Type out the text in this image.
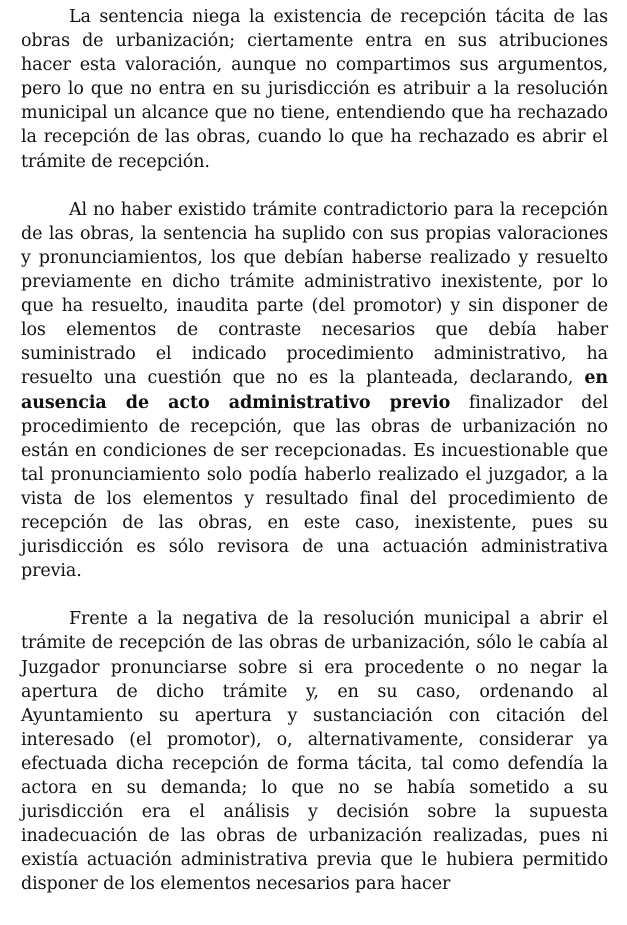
La sentencia niega la existencia de recepción tácita de las obras de urbanización; ciertamente entra en sus atribuciones hacer esta valoración, aunque no compartimos sus argumentos, pero lo que no entra en su jurisdicción es atribuir a la resolución municipal un alcance que no tiene, entendiendo que ha rechazado la recepción de las obras, cuando lo que ha rechazado es abrir el trámite de recepción.

Al no haber existido trámite contradictorio para la recepción de las obras, la sentencia ha suplido con sus propias valoraciones y pronunciamientos, los que debían haberse realizado y resuelto previamente en dicho trámite administrativo inexistente, por lo que ha resuelto, inaudita parte (del promotor) y sin disponer de los elementos de contraste necesarios que debía haber suministrado el indicado procedimiento administrativo, ha resuelto una cuestión que no es la planteada, declarando, en ausencia de acto administrativo previo finalizador del procedimiento de recepción, que las obras de urbanización no están en condiciones de ser recepcionadas. Es incuestionable que tal pronunciamiento solo podía haberlo realizado el juzgador, a la vista de los elementos y resultado final del procedimiento de recepción de las obras, en este caso, inexistente, pues su jurisdicción es sólo revisora de una actuación administrativa previa.

Frente a la negativa de la resolución municipal a abrir el trámite de recepción de las obras de urbanización, sólo le cabía al Juzgador pronunciarse sobre si era procedente o no negar la apertura de dicho trámite y, en su caso, ordenando al Ayuntamiento su apertura y sustanciación con citación del interesado (el promotor), o, alternativamente, considerar ya efectuada dicha recepción de forma tácita, tal como defendía la actora en su demanda; lo que no se había sometido a su jurisdicción era el análisis y decisión sobre la supuesta inadecuación de las obras de urbanización realizadas, pues ni existía actuación administrativa previa que le hubiera permitido disponer de los elementos necesarios para hacer
